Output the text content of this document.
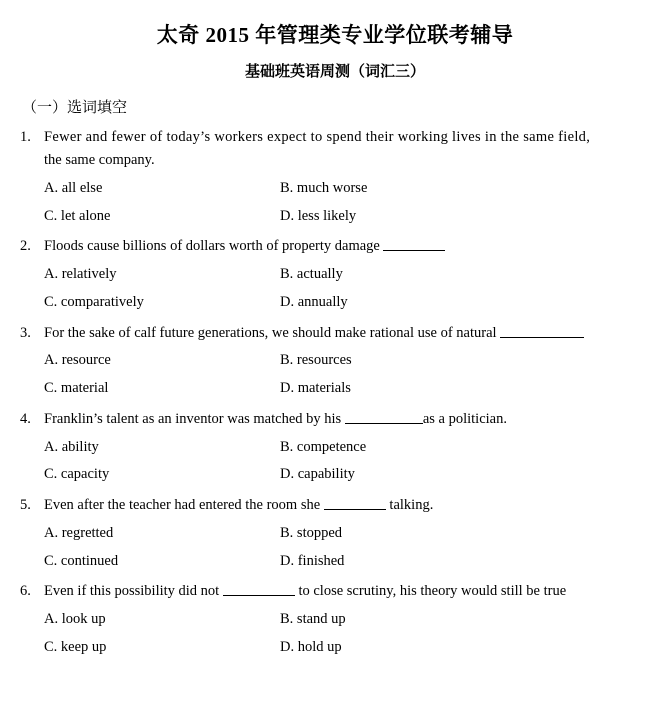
太奇 2015 年管理类专业学位联考辅导
基础班英语周测（词汇三）
（一）选词填空
1. Fewer and fewer of today’s workers expect to spend their working lives in the same field,
the same company.
A. all else	B. much worse
C. let alone	D. less likely
2. Floods cause billions of dollars worth of property damage
A. relatively	B. actually
C. comparatively	D. annually
3. For the sake of calf future generations, we should make rational use of natural
A. resource	B. resources
C. material	D. materials
4. Franklin’s talent as an inventor was matched by his	as a politician.
A. ability	B. competence
C. capacity	D. capability
5. Even after the teacher had entered the room she	talking.
A. regretted	B. stopped
C. continued	D. finished
6. Even if this possibility did not	to close scrutiny, his theory would still be true
A. look up	B. stand up
C. keep up	D. hold up
